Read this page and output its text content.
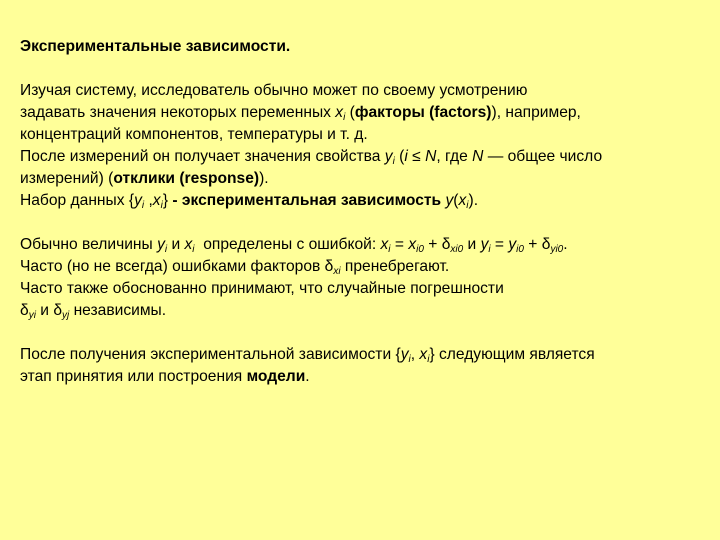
Экспериментальные зависимости.
Изучая систему, исследователь обычно может по своему усмотрению
задавать значения некоторых переменных $x_i$ (факторы (factors)), например,
концентраций компонентов, температуры и т. д.
После измерений он получает значения свойства $y_i$ (i ≤ N, где N — общее число
измерений) (отклики (response)).
Набор данных {$y_i$ $,x_i$} - экспериментальная зависимость $y(x_i)$.
Обычно величины $y_i$ и $x_i$  определены с ошибкой: $x_i = x_{i0} + \delta_{xi0}$ и $y_i = y_{i0} + \delta_{yi0}$.
Часто (но не всегда) ошибками факторов $\delta_{xi}$ пренебрегают.
Часто также обоснованно принимают, что случайные погрешности
$\delta_{yi}$ и $\delta_{yj}$ независимы.
После получения экспериментальной зависимости {$y_i$, $x_i$} следующим является
этап принятия или построения модели.
